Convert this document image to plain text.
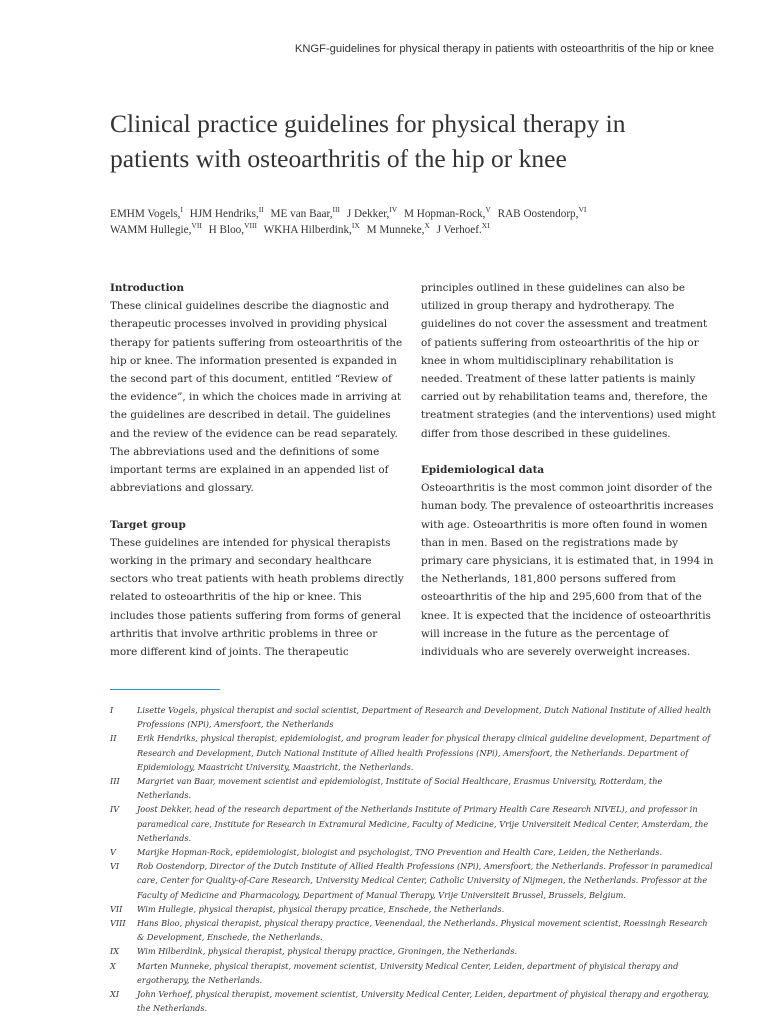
KNGF-guidelines for physical therapy in patients with osteoarthritis of the hip or knee
Clinical practice guidelines for physical therapy in patients with osteoarthritis of the hip or knee
EMHM Vogels,$^I$ HJM Hendriks,$^{II}$ ME van Baar,$^{III}$ J Dekker,$^{IV}$ M Hopman-Rock,$^V$ RAB Oostendorp,$^{VI}$
WAMM Hullegie,$^{VII}$ H Bloo,$^{VIII}$ WKHA Hilberdink,$^{IX}$ M Munneke,$^X$ J Verhoef.$^{XI}$
Introduction

These clinical guidelines describe the diagnostic and therapeutic processes involved in providing physical therapy for patients suffering from osteoarthritis of the hip or knee. The information presented is expanded in the second part of this document, entitled “Review of the evidence”, in which the choices made in arriving at the guidelines are described in detail. The guidelines and the review of the evidence can be read separately. The abbreviations used and the definitions of some important terms are explained in an appended list of abbreviations and glossary.

Target group

These guidelines are intended for physical therapists working in the primary and secondary healthcare sectors who treat patients with heath problems directly related to osteoarthritis of the hip or knee. This includes those patients suffering from forms of general arthritis that involve arthritic problems in three or more different kind of joints. The therapeutic

principles outlined in these guidelines can also be utilized in group therapy and hydrotherapy. The guidelines do not cover the assessment and treatment of patients suffering from osteoarthritis of the hip or knee in whom multidisciplinary rehabilitation is needed. Treatment of these latter patients is mainly carried out by rehabilitation teams and, therefore, the treatment strategies (and the interventions) used might differ from those described in these guidelines.

Epidemiological data

Osteoarthritis is the most common joint disorder of the human body. The prevalence of osteoarthritis increases with age. Osteoarthritis is more often found in women than in men. Based on the registrations made by primary care physicians, it is estimated that, in 1994 in the Netherlands, 181,800 persons suffered from osteoarthritis of the hip and 295,600 from that of the knee. It is expected that the incidence of osteoarthritis will increase in the future as the percentage of individuals who are severely overweight increases.

I	Lisette Vogels, physical therapist and social scientist, Department of Research and Development, Dutch National Institute of Allied health Professions (NPi), Amersfoort, the Netherlands
II	Erik Hendriks, physical therapist, epidemiologist, and program leader for physical therapy clinical guideline development, Department of Research and Development, Dutch National Institute of Allied health Professions (NPi), Amersfoort, the Netherlands. Department of Epidemiology, Maastricht University, Maastricht, the Netherlands.
III	Margriet van Baar, movement scientist and epidemiologist, Institute of Social Healthcare, Erasmus University, Rotterdam, the Netherlands.
IV	Joost Dekker, head of the research department of the Netherlands Institute of Primary Health Care Research NIVEL), and professor in paramedical care, Institute for Research in Extramural Medicine, Faculty of Medicine, Vrije Universiteit Medical Center, Amsterdam, the Netherlands.
V	Marijke Hopman-Rock, epidemiologist, biologist and psychologist, TNO Prevention and Health Care, Leiden, the Netherlands.
VI	Rob Oostendorp, Director of the Dutch Institute of Allied Health Professions (NPi), Amersfoort, the Netherlands. Professor in paramedical care, Center for Quality-of-Care Research, University Medical Center, Catholic University of Nijmegen, the Netherlands. Professor at the Faculty of Medicine and Pharmacology, Department of Manual Therapy, Vrije Universiteit Brussel, Brussels, Belgium.
VII	Wim Hullegie, physical therapist, physical therapy prcatice, Enschede, the Netherlands.
VIII	Hans Bloo, physical therapist, physical therapy practice, Veenendaal, the Netherlands. Physical movement scientist, Roessingh Research & Development, Enschede, the Netherlands.
IX	Wim Hilberdink, physical therapist, physical therapy practice, Groningen, the Netherlands.
X	Marten Munneke, physical therapist, movement scientist, University Medical Center, Leiden, department of phyisical therapy and ergotherapy, the Netherlands.
XI	John Verhoef, physical therapist, movement scientist, University Medical Center, Leiden, department of phyisical therapy and ergotheray, the Netherlands.
